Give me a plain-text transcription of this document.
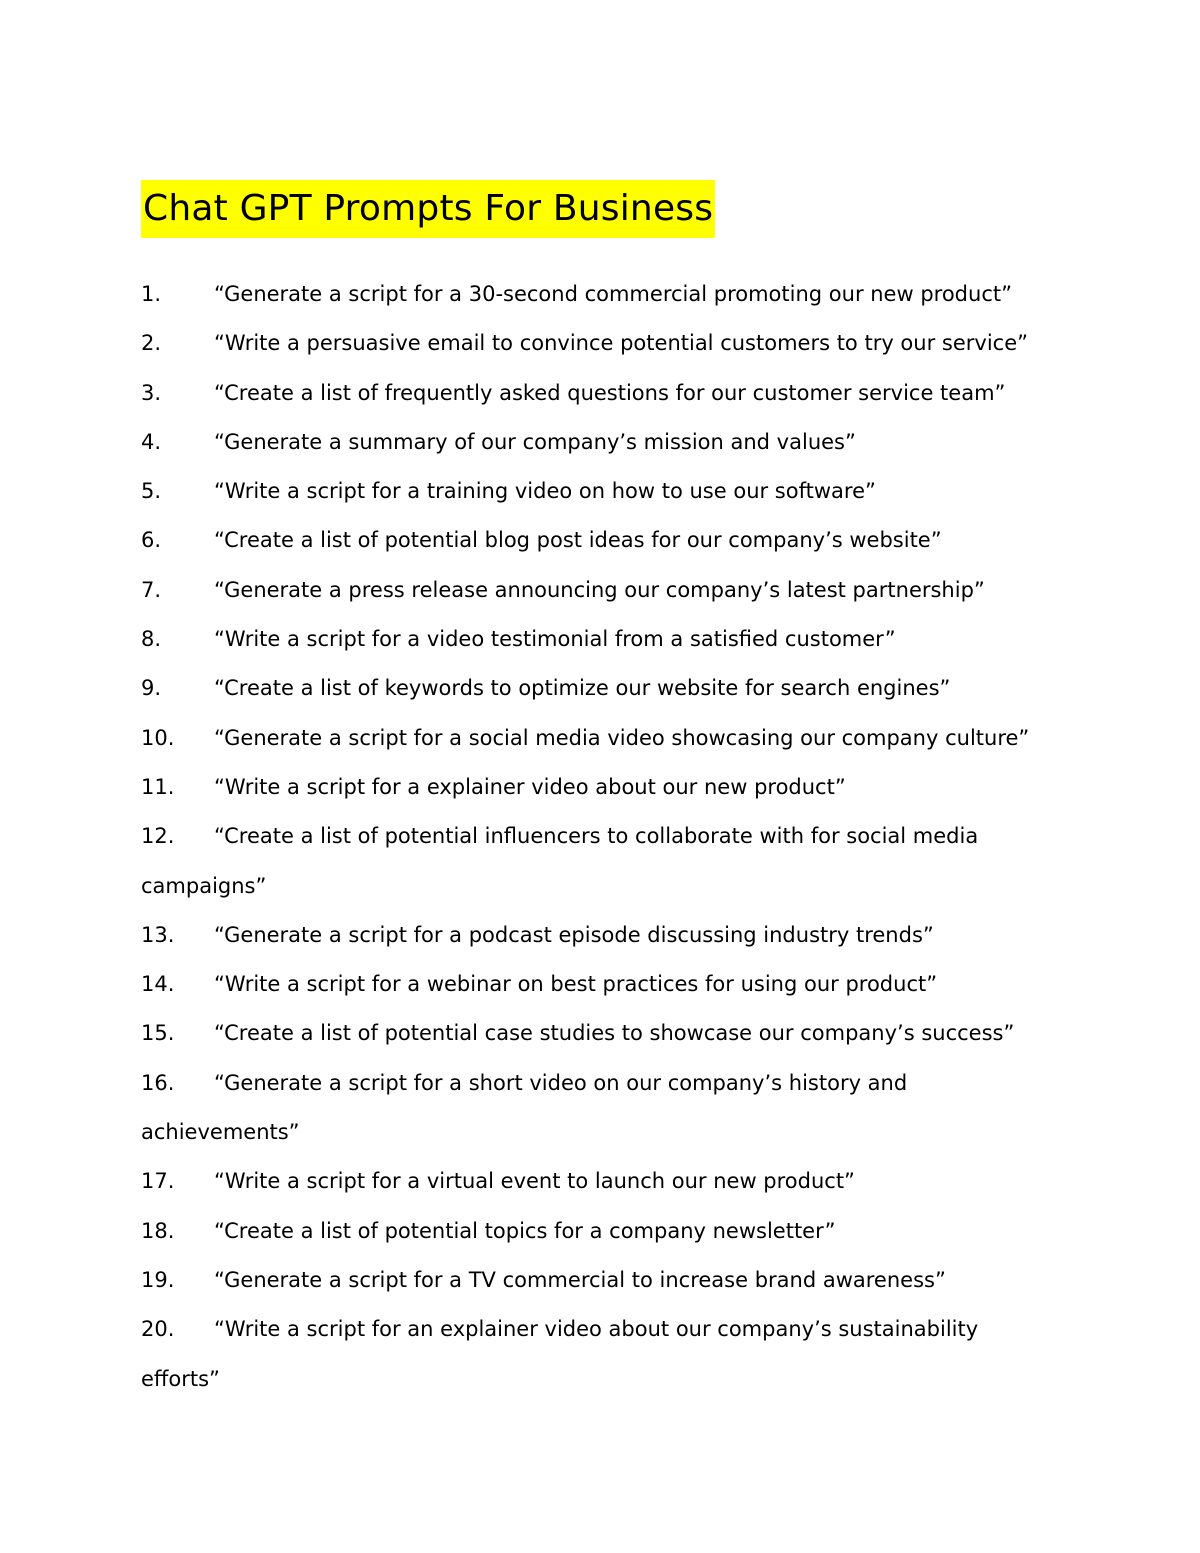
Chat GPT Prompts For Business
1.	“Generate a script for a 30-second commercial promoting our new product”
2.	“Write a persuasive email to convince potential customers to try our service”
3.	“Create a list of frequently asked questions for our customer service team”
4.	“Generate a summary of our company’s mission and values”
5.	“Write a script for a training video on how to use our software”
6.	“Create a list of potential blog post ideas for our company’s website”
7.	“Generate a press release announcing our company’s latest partnership”
8.	“Write a script for a video testimonial from a satisfied customer”
9.	“Create a list of keywords to optimize our website for search engines”
10. “Generate a script for a social media video showcasing our company culture”
11. “Write a script for a explainer video about our new product”
12. “Create a list of potential influencers to collaborate with for social media
campaigns”
13. “Generate a script for a podcast episode discussing industry trends”
14. “Write a script for a webinar on best practices for using our product”
15. “Create a list of potential case studies to showcase our company’s success”
16. “Generate a script for a short video on our company’s history and
achievements”
17. “Write a script for a virtual event to launch our new product”
18. “Create a list of potential topics for a company newsletter”
19. “Generate a script for a TV commercial to increase brand awareness”
20. “Write a script for an explainer video about our company’s sustainability
efforts”
